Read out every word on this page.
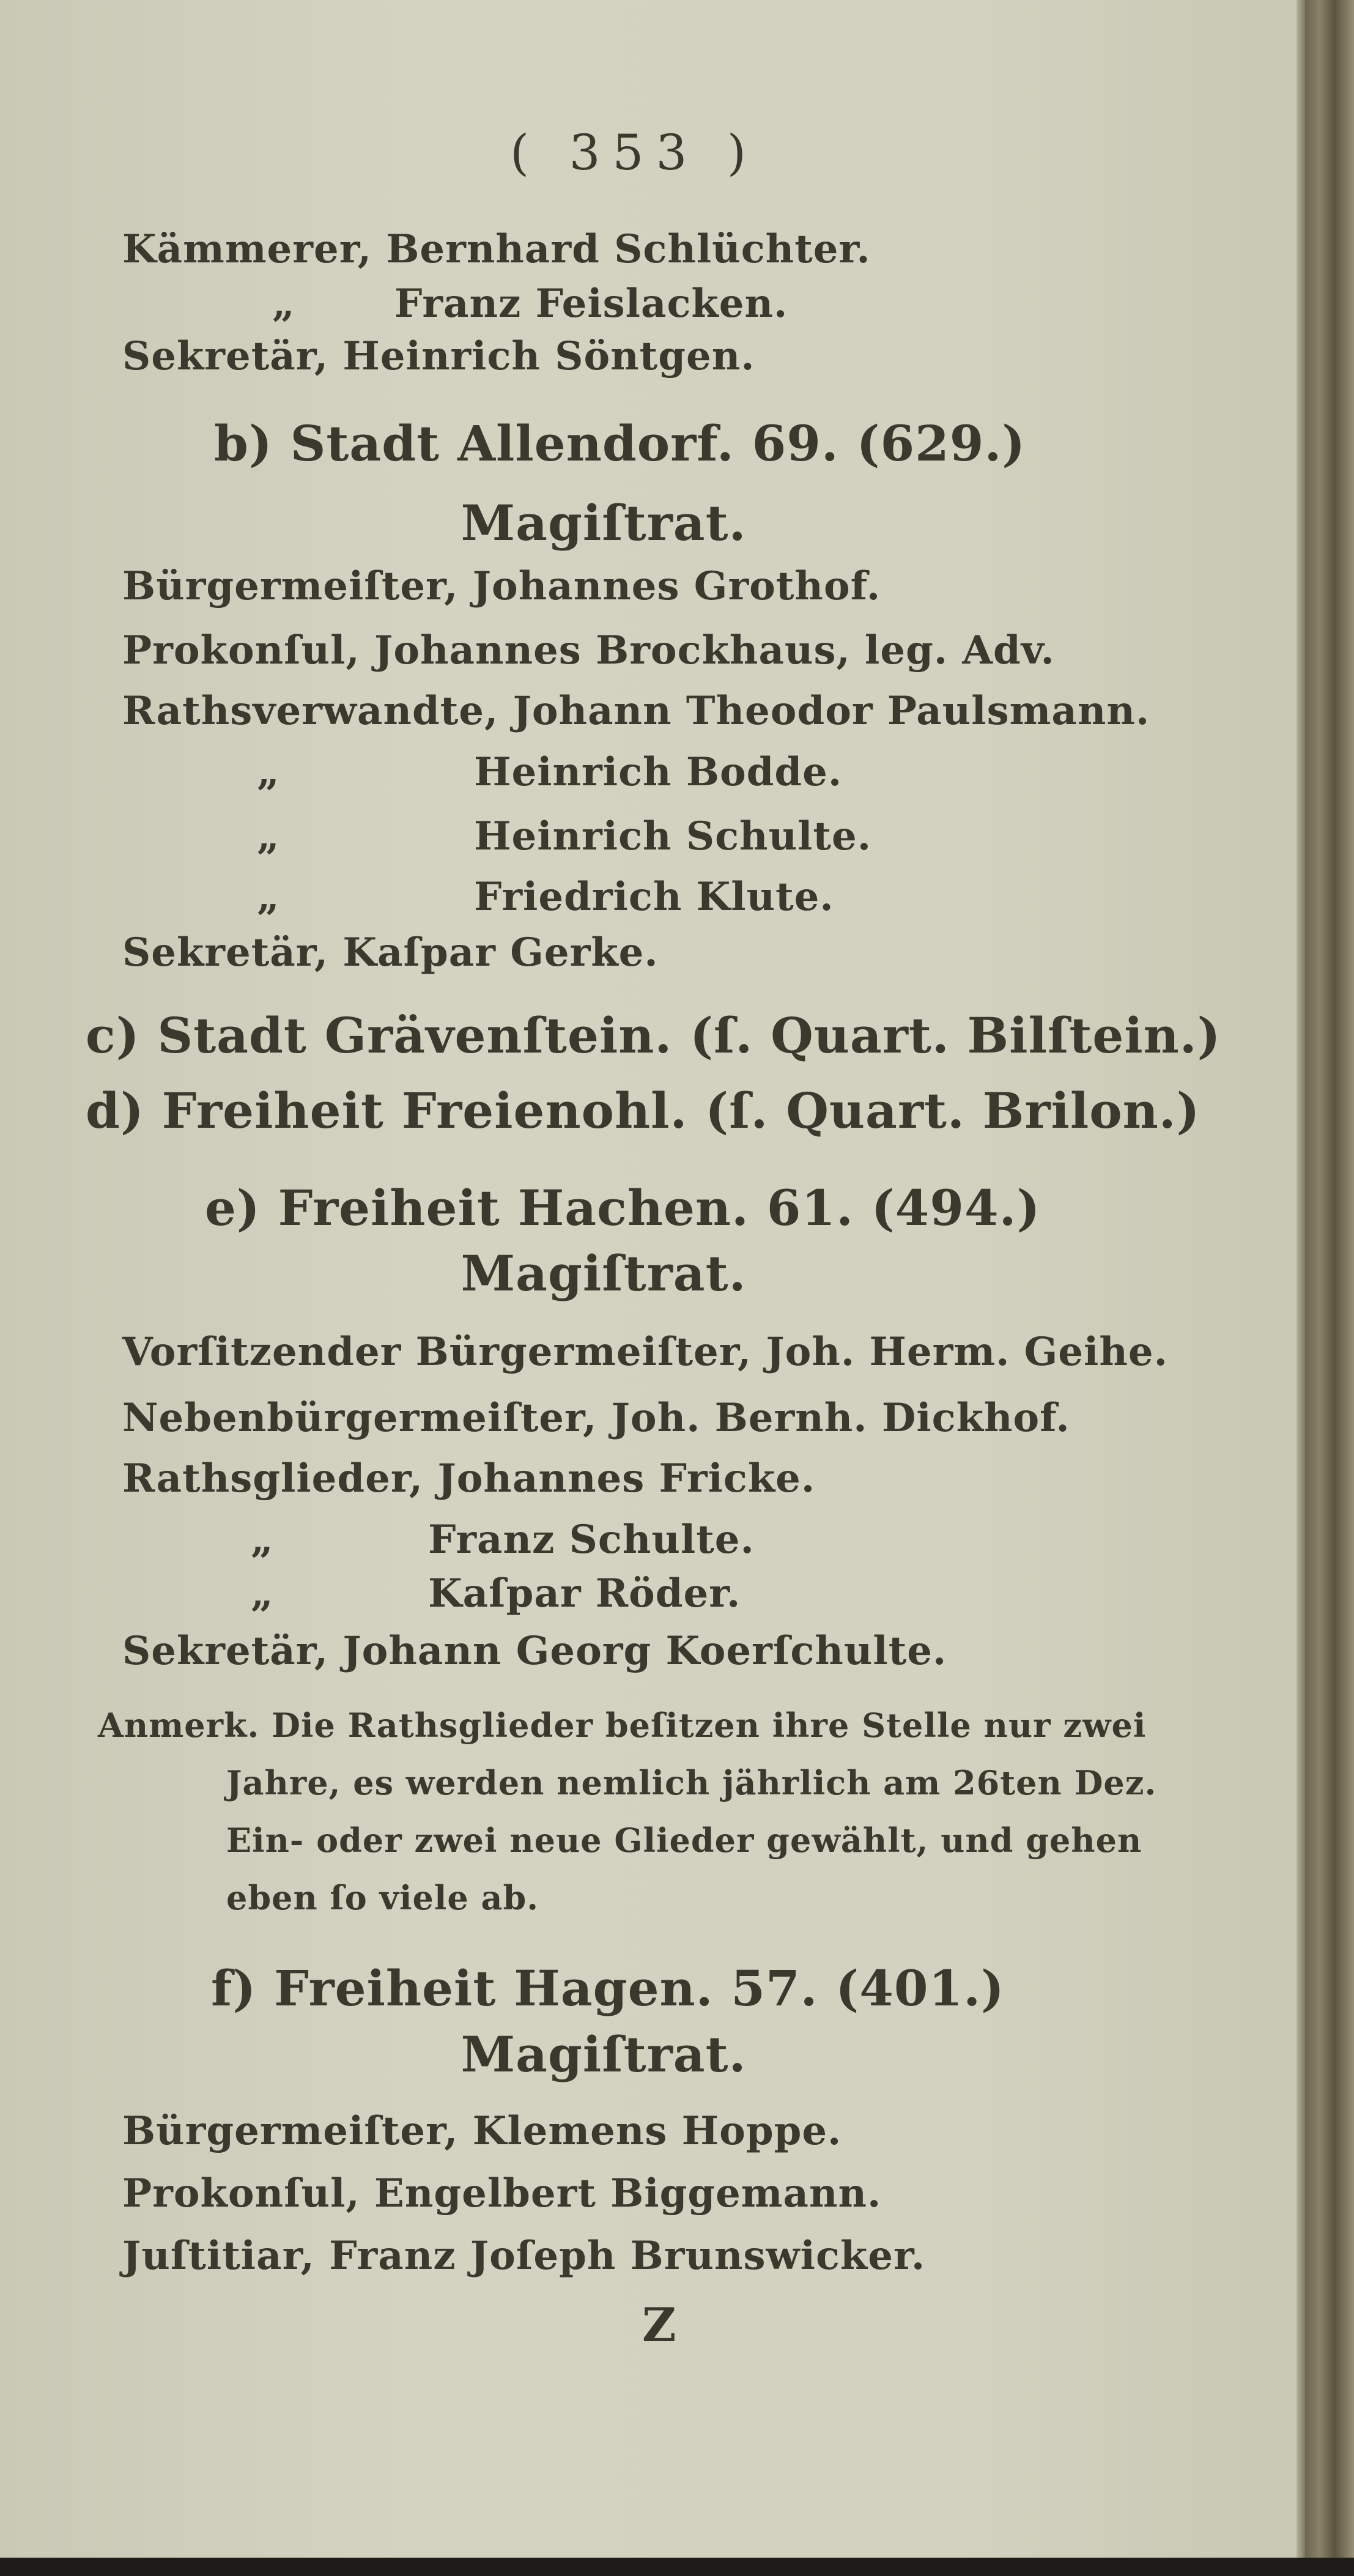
( 353 )
Kämmerer, Bernhard Schlüchter.
„	Franz Feislacken.
Sekretär, Heinrich Söntgen.
b) Stadt Allendorf. 69. (629.)
Magiſtrat.
Bürgermeiſter, Johannes Grothof.
Prokonſul, Johannes Brockhaus, leg. Adv.
Rathsverwandte, Johann Theodor Paulsmann.
„	Heinrich Bodde.
„	Heinrich Schulte.
„	Friedrich Klute.
Sekretär, Kaſpar Gerke.
c) Stadt Grävenſtein. (ſ. Quart. Bilſtein.)
d) Freiheit Freienohl. (ſ. Quart. Brilon.)
e) Freiheit Hachen. 61. (494.)
Magiſtrat.
Vorſitzender Bürgermeiſter, Joh. Herm. Geihe.
Nebenbürgermeiſter, Joh. Bernh. Dickhof.
Rathsglieder, Johannes Fricke.
„	Franz Schulte.
„	Kaſpar Röder.
Sekretär, Johann Georg Koerſchulte.
Anmerk. Die Rathsglieder beſitzen ihre Stelle nur zwei
Jahre, es werden nemlich jährlich am 26ten Dez.
Ein- oder zwei neue Glieder gewählt, und gehen
eben ſo viele ab.
f) Freiheit Hagen. 57. (401.)
Magiſtrat.
Bürgermeiſter, Klemens Hoppe.
Prokonſul, Engelbert Biggemann.
Juſtitiar, Franz Joſeph Brunswicker.
Z
